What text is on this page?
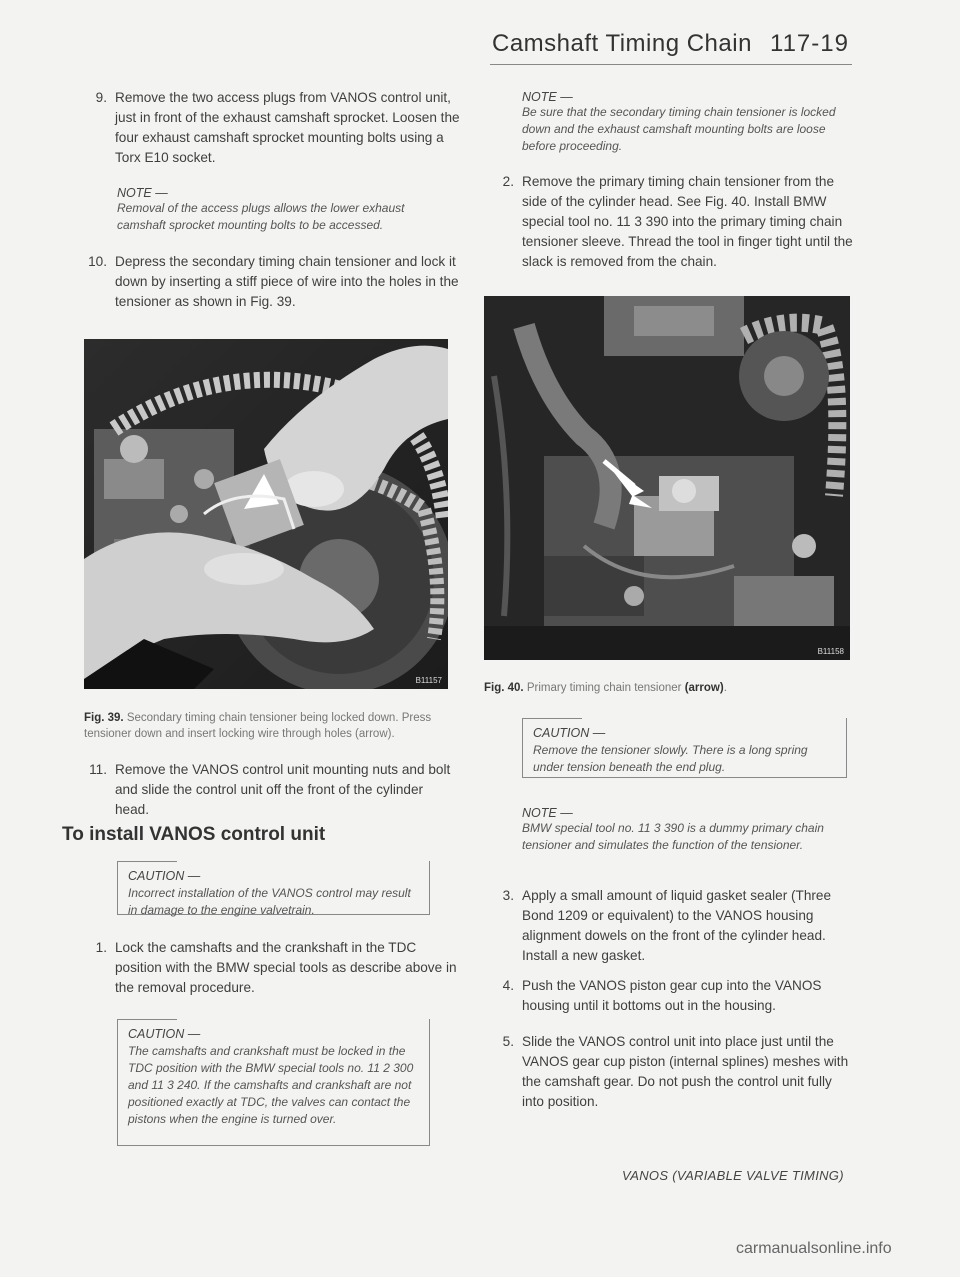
Camshaft Timing Chain 117-19
9. Remove the two access plugs from VANOS control unit, just in front of the exhaust camshaft sprocket. Loosen the four exhaust camshaft sprocket mounting bolts using a Torx E10 socket.
NOTE —
Removal of the access plugs allows the lower exhaust camshaft sprocket mounting bolts to be accessed.
10. Depress the secondary timing chain tensioner and lock it down by inserting a stiff piece of wire into the holes in the tensioner as shown in Fig. 39.
B11157
Fig. 39. Secondary timing chain tensioner being locked down. Press tensioner down and insert locking wire through holes (arrow).
11. Remove the VANOS control unit mounting nuts and bolt and slide the control unit off the front of the cylinder head.
To install VANOS control unit
CAUTION —
Incorrect installation of the VANOS control may result in damage to the engine valvetrain.
1. Lock the camshafts and the crankshaft in the TDC position with the BMW special tools as describe above in the removal procedure.
CAUTION —
The camshafts and crankshaft must be locked in the TDC position with the BMW special tools no. 11 2 300 and 11 3 240. If the camshafts and crankshaft are not positioned exactly at TDC, the valves can contact the pistons when the engine is turned over.
NOTE —
Be sure that the secondary timing chain tensioner is locked down and the exhaust camshaft mounting bolts are loose before proceeding.
2. Remove the primary timing chain tensioner from the side of the cylinder head. See Fig. 40. Install BMW special tool no. 11 3 390 into the primary timing chain tensioner sleeve. Thread the tool in finger tight until the slack is removed from the chain.
B11158
Fig. 40. Primary timing chain tensioner (arrow).
CAUTION —
Remove the tensioner slowly. There is a long spring under tension beneath the end plug.
NOTE —
BMW special tool no. 11 3 390 is a dummy primary chain tensioner and simulates the function of the tensioner.
3. Apply a small amount of liquid gasket sealer (Three Bond 1209 or equivalent) to the VANOS housing alignment dowels on the front of the cylinder head. Install a new gasket.
4. Push the VANOS piston gear cup into the VANOS housing until it bottoms out in the housing.
5. Slide the VANOS control unit into place just until the VANOS gear cup piston (internal splines) meshes with the camshaft gear. Do not push the control unit fully into position.
VANOS (VARIABLE VALVE TIMING)
carmanualsonline.info
